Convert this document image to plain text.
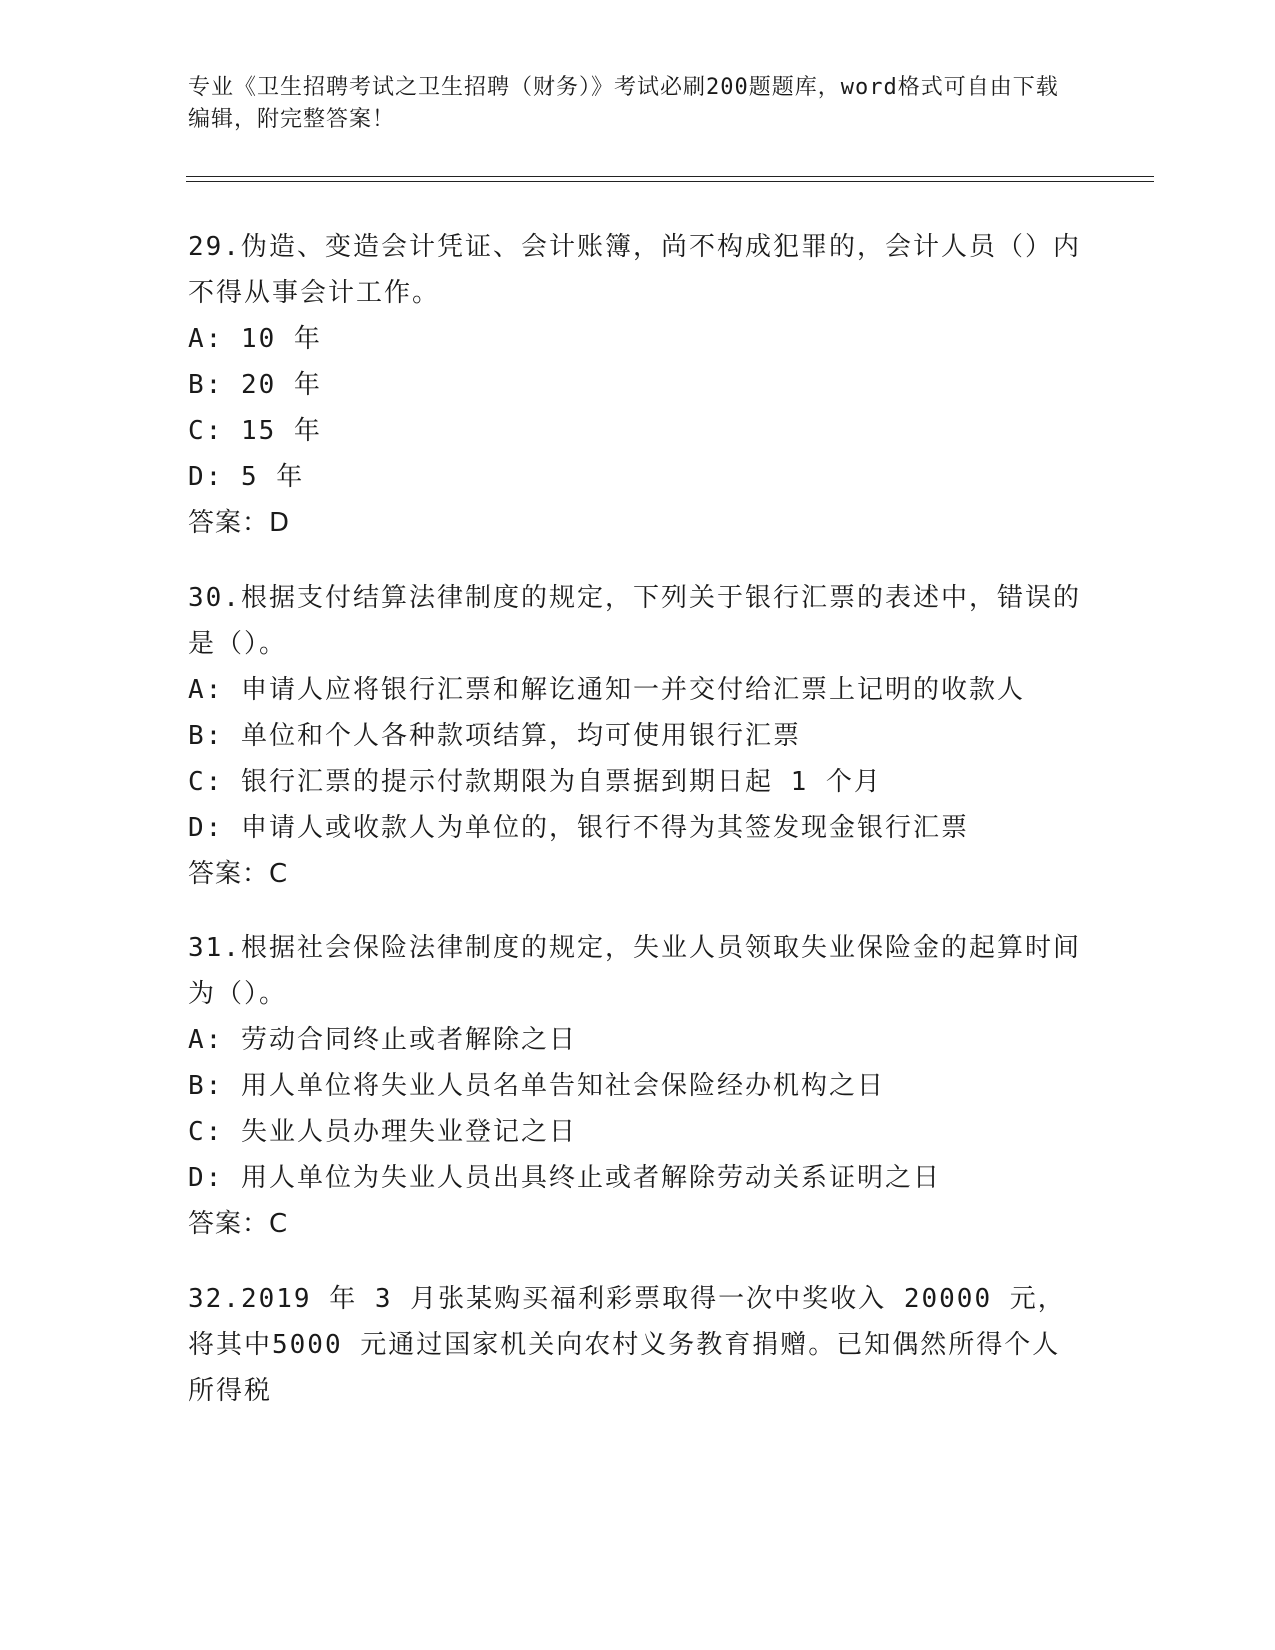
专业《卫生招聘考试之卫生招聘（财务）》考试必刷200题题库，word格式可自由下载编辑，附完整答案！

29.伪造、变造会计凭证、会计账簿，尚不构成犯罪的，会计人员（）内不得从事会计工作。

A: 10 年

B: 20 年

C: 15 年

D: 5 年

答案：D

30.根据支付结算法律制度的规定，下列关于银行汇票的表述中，错误的是（）。

A: 申请人应将银行汇票和解讫通知一并交付给汇票上记明的收款人

B: 单位和个人各种款项结算，均可使用银行汇票

C: 银行汇票的提示付款期限为自票据到期日起 1 个月

D: 申请人或收款人为单位的，银行不得为其签发现金银行汇票

答案：C

31.根据社会保险法律制度的规定，失业人员领取失业保险金的起算时间为（）。

A: 劳动合同终止或者解除之日

B: 用人单位将失业人员名单告知社会保险经办机构之日

C: 失业人员办理失业登记之日

D: 用人单位为失业人员出具终止或者解除劳动关系证明之日

答案：C

32.2019 年 3 月张某购买福利彩票取得一次中奖收入 20000 元，将其中5000 元通过国家机关向农村义务教育捐赠。已知偶然所得个人所得税
